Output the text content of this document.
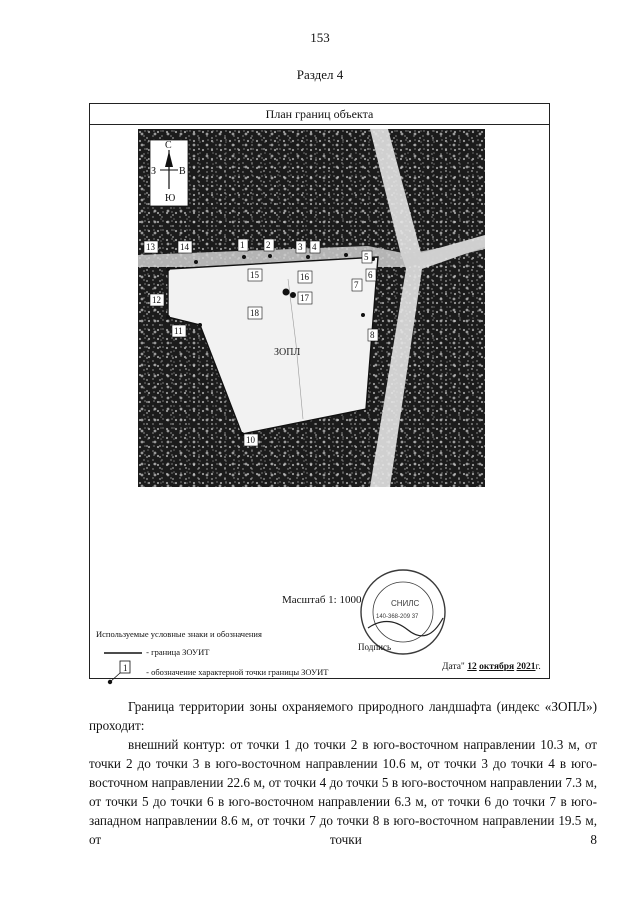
153
Раздел 4
План границ объекта
С
Ю
З В
ЗОПЛ
13	14	1 2	3 4
5
6
7
8
10
11
12
15	16
17
18
Масштаб 1: 1000	СНИЛС
140-368-209 37
Используемые условные знаки и обозначения
- граница ЗОУИТ
1 - обозначение характерной точки границы ЗОУИТ
Подпись
Дата" 12 октября 2021г.

Граница территории зоны охраняемого природного ландшафта (индекс «ЗОПЛ») проходит:

внешний контур: от точки 1 до точки 2 в юго-восточном направлении 10.3 м, от точки 2 до точки 3 в юго-восточном направлении 10.6 м, от точки 3 до точки 4 в юго-восточном направлении 22.6 м, от точки 4 до точки 5 в юго-восточном направлении 7.3 м, от точки 5 до точки 6 в юго-восточном направлении 6.3 м, от точки 6 до точки 7 в юго-западном направлении 8.6 м, от точки 7 до точки 8 в юго-восточном направлении 19.5 м, от точки 8
